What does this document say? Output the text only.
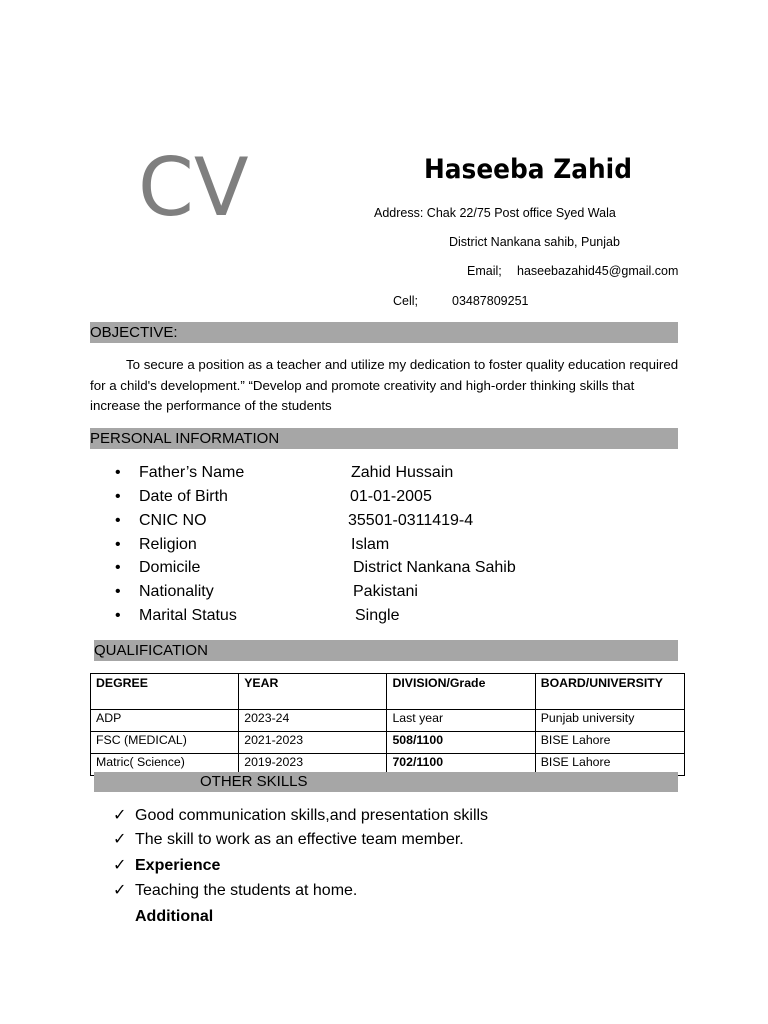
CV	Haseeba Zahid
Address: Chak 22/75 Post office Syed Wala
District Nankana sahib, Punjab
Email; haseebazahid45@gmail.com
Cell;	03487809251
OBJECTIVE:
To secure a position as a teacher and utilize my dedication to foster quality education required for a child's development.” “Develop and promote creativity and high-order thinking skills that increase the performance of the students
PERSONAL INFORMATION
• Father’s Name	Zahid Hussain
• Date of Birth	01-01-2005
• CNIC NO	35501-0311419-4
• Religion	Islam
• Domicile	District Nankana Sahib
• Nationality	Pakistani
• Marital Status	Single
QUALIFICATION
DEGREE	YEAR	DIVISION/Grade	BOARD/UNIVERSITY
ADP	2023-24	Last year	Punjab university
FSC (MEDICAL)	2021-2023	508/1100	BISE Lahore
Matric( Science)	2019-2023	702/1100	BISE Lahore
OTHER SKILLS
✓ Good communication skills,and presentation skills
✓ The skill to work as an effective team member.
✓ Experience
✓ Teaching the students at home.
Additional
